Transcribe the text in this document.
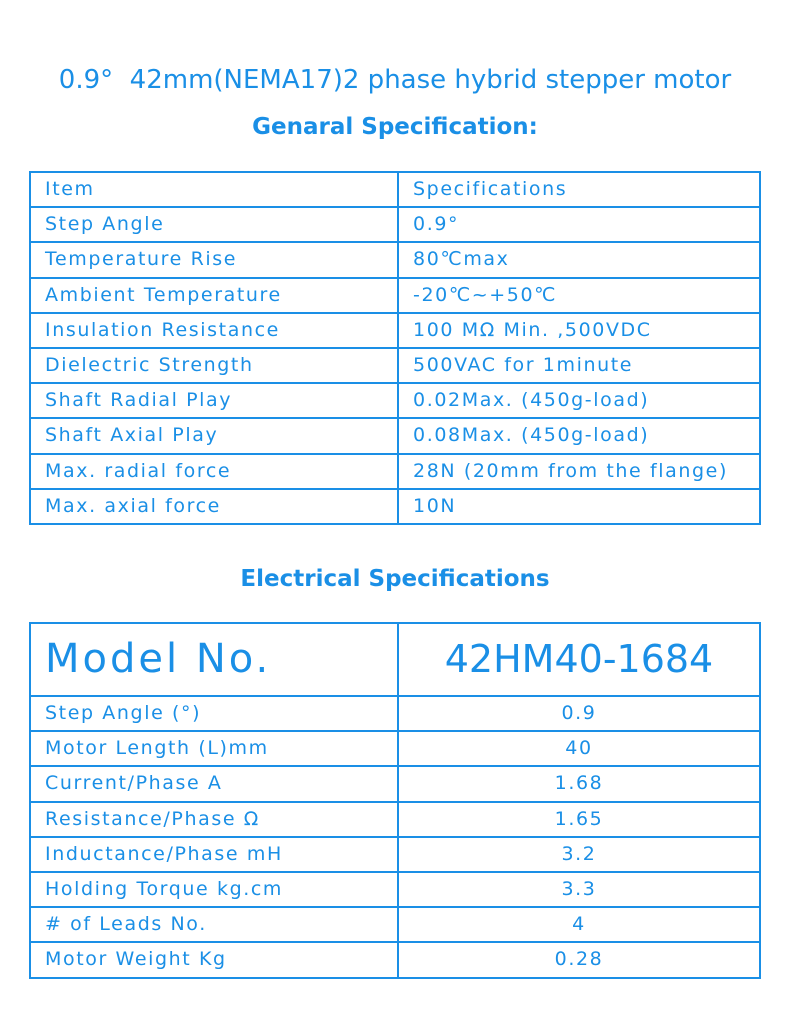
0.9°  42mm(NEMA17)2 phase hybrid stepper motor
Genaral Specification:
Item	Specifications
Step Angle	0.9°
Temperature Rise	80℃max
Ambient Temperature	-20℃~+50℃
Insulation Resistance	100 MΩ Min. ,500VDC
Dielectric Strength	500VAC for 1minute
Shaft Radial Play	0.02Max. (450g-load)
Shaft Axial Play	0.08Max. (450g-load)
Max. radial force	28N (20mm from the flange)
Max. axial force	10N
Electrical Specifications
Model No.	42HM40-1684
Step Angle (°)	0.9
Motor Length (L)mm	40
Current/Phase A	1.68
Resistance/Phase Ω	1.65
Inductance/Phase mH	3.2
Holding Torque kg.cm	3.3
# of Leads No.	4
Motor Weight Kg	0.28
